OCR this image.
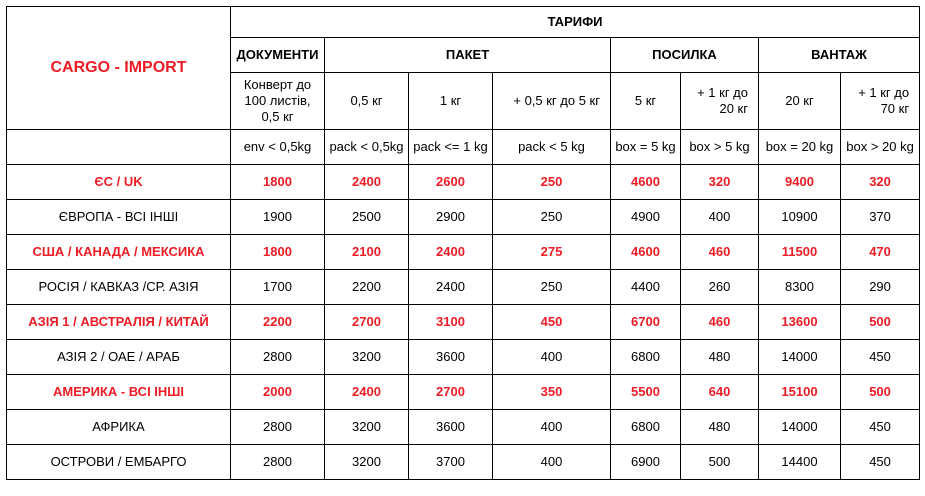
CARGO - IMPORT	ТАРИФИ							
	ДОКУМЕНТИ	ПАКЕТ			ПОСИЛКА		ВАНТАЖ	
	Конверт до 100 листів, 0,5 кг	0,5 кг	1 кг	+ 0,5 кг до 5 кг	5 кг	+ 1 кг до 20 кг	20 кг	+ 1 кг до 70 кг
	env < 0,5kg	pack < 0,5kg	pack <= 1 kg	pack < 5 kg	box = 5 kg	box > 5 kg	box = 20 kg	box > 20 kg
ЄС / UK	1800	2400	2600	250	4600	320	9400	320
ЄВРОПА - ВСІ ІНШІ	1900	2500	2900	250	4900	400	10900	370
США / КАНАДА / МЕКСИКА	1800	2100	2400	275	4600	460	11500	470
РОСІЯ / КАВКАЗ /СР. АЗІЯ	1700	2200	2400	250	4400	260	8300	290
АЗІЯ 1 / АВСТРАЛІЯ / КИТАЙ	2200	2700	3100	450	6700	460	13600	500
АЗІЯ 2 / ОАЕ / АРАБ	2800	3200	3600	400	6800	480	14000	450
АМЕРИКА - ВСІ ІНШІ	2000	2400	2700	350	5500	640	15100	500
АФРИКА	2800	3200	3600	400	6800	480	14000	450
ОСТРОВИ / ЕМБАРГО	2800	3200	3700	400	6900	500	14400	450
